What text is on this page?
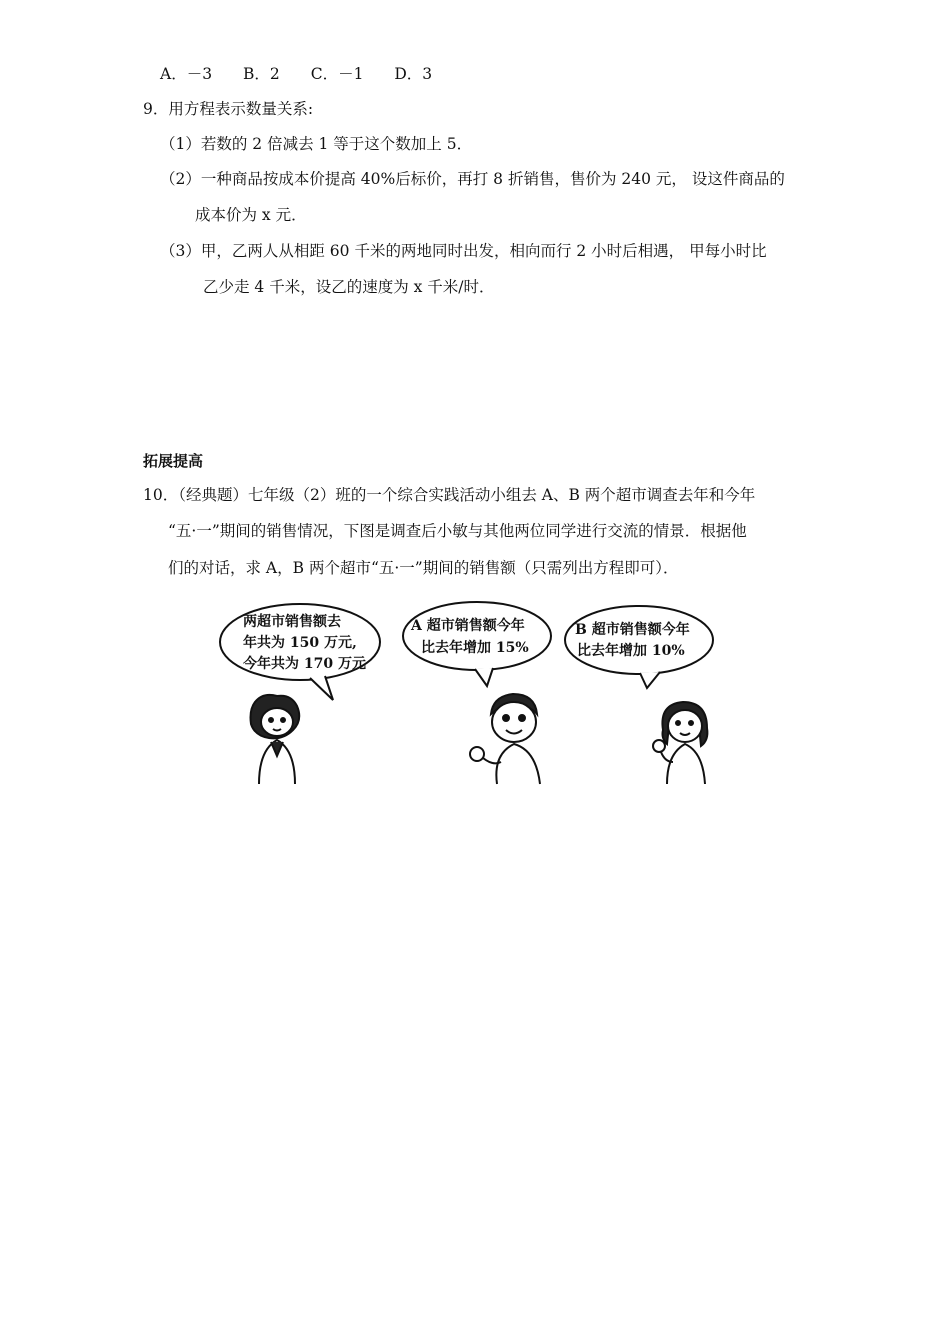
A．－3 B．2 C．－1 D．3
9．用方程表示数量关系:
（1）若数的 2 倍减去 1 等于这个数加上 5．
（2）一种商品按成本价提高 40%后标价，再打 8 折销售，售价为 240 元， 设这件商品的
成本价为 x 元．
（3）甲，乙两人从相距 60 千米的两地同时出发，相向而行 2 小时后相遇， 甲每小时比
乙少走 4 千米，设乙的速度为 x 千米/时．
拓展提高
10．（经典题）七年级（2）班的一个综合实践活动小组去 A、B 两个超市调查去年和今年
“五·一”期间的销售情况，下图是调查后小敏与其他两位同学进行交流的情景．根据他
们的对话，求 A，B 两个超市“五·一”期间的销售额（只需列出方程即可）．
两超市销售额去
年共为 150 万元,
今年共为 170 万元
A 超市销售额今年
比去年增加 15%
B 超市销售额今年
比去年增加 10%
